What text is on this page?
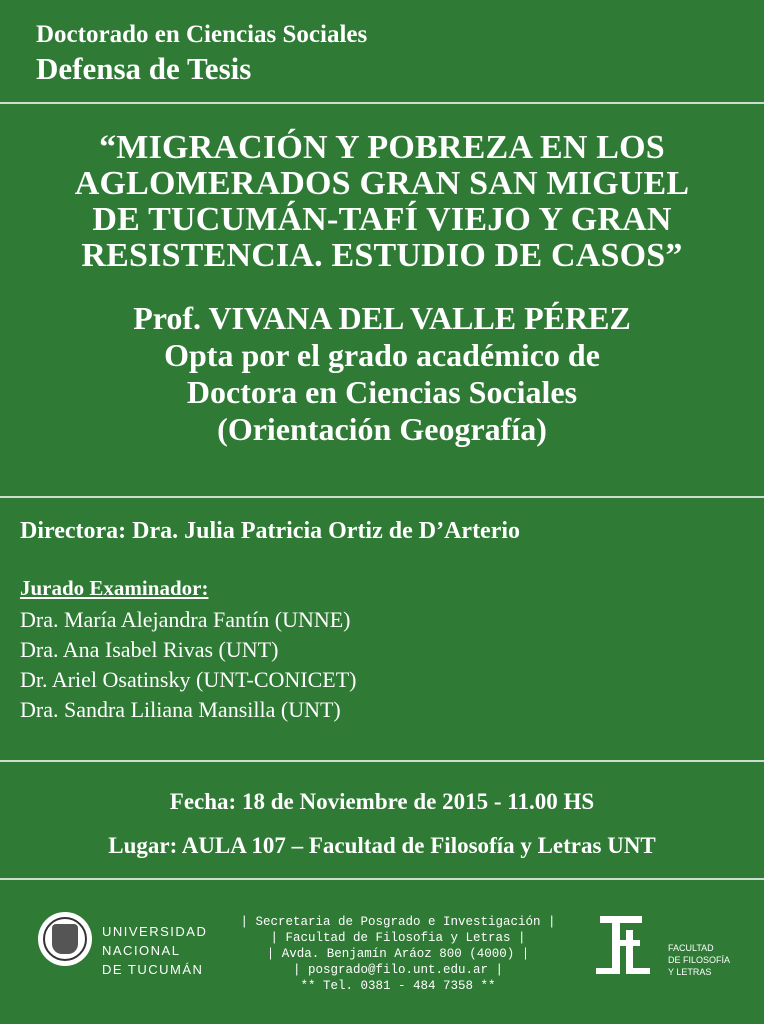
Doctorado en Ciencias Sociales
Defensa de Tesis
“MIGRACIÓN Y POBREZA EN LOS
AGLOMERADOS GRAN SAN MIGUEL
DE TUCUMÁN-TAFÍ VIEJO Y GRAN
RESISTENCIA. ESTUDIO DE CASOS”
Prof. VIVANA DEL VALLE PÉREZ
Opta por el grado académico de
Doctora en Ciencias Sociales
(Orientación Geografía)
Directora: Dra. Julia Patricia Ortiz de D’Arterio
Jurado Examinador:
Dra. María Alejandra Fantín (UNNE)
Dra. Ana Isabel Rivas (UNT)
Dr. Ariel Osatinsky (UNT-CONICET)
Dra. Sandra Liliana Mansilla (UNT)
Fecha: 18 de Noviembre de 2015 - 11.00 HS
Lugar: AULA 107 – Facultad de Filosofía y Letras UNT
UNIVERSIDAD
NACIONAL
DE TUCUMÁN
| Secretaria de Posgrado e Investigación |
| Facultad de Filosofia y Letras |
| Avda. Benjamín Aráoz 800 (4000) |
| posgrado@filo.unt.edu.ar |
** Tel. 0381 - 484 7358 **
FACULTAD
DE FILOSOFÍA
Y LETRAS
